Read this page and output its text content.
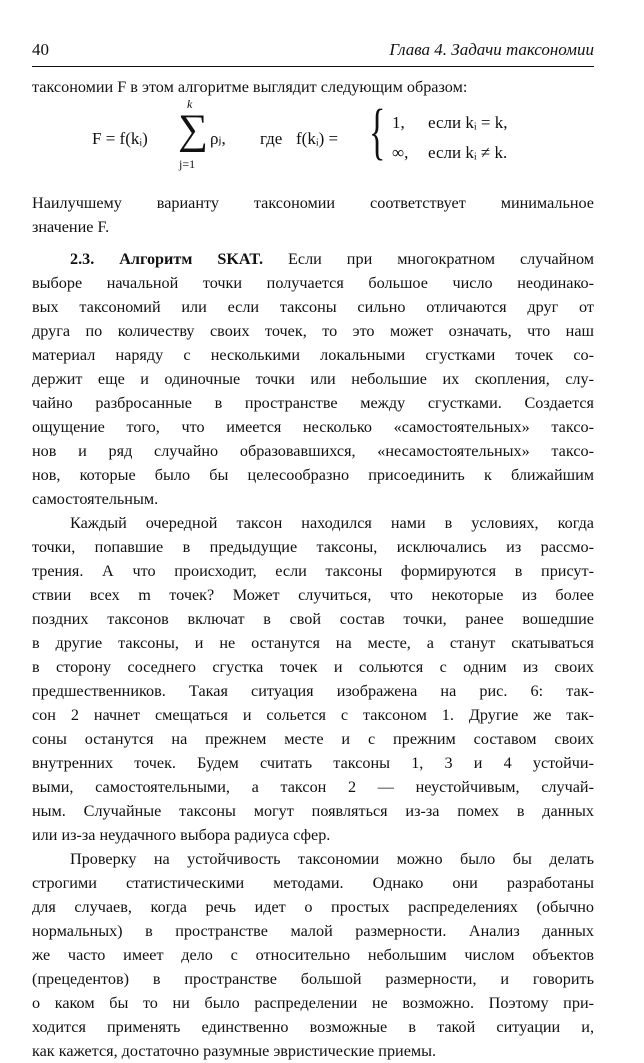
40	Глава 4. Задачи таксономии
таксономии F в этом алгоритме выглядит следующим образом:
F = f(kᵢ)
k
∑
j=1
ρⱼ, где f(kᵢ) = { 1, если kᵢ = k,
∞, если kᵢ ≠ k.
Наилучшему варианту таксономии соответствует минимальное
значение F.
2.3. Алгоритм SKAT. Если при многократном случайном
выборе начальной точки получается большое число неодинако-
вых таксономий или если таксоны сильно отличаются друг от
друга по количеству своих точек, то это может означать, что наш
материал наряду с несколькими локальными сгустками точек со-
держит еще и одиночные точки или небольшие их скопления, слу-
чайно разбросанные в пространстве между сгустками. Создается
ощущение того, что имеется несколько «самостоятельных» таксо-
нов и ряд случайно образовавшихся, «несамостоятельных» таксо-
нов, которые было бы целесообразно присоединить к ближайшим
самостоятельным.
Каждый очередной таксон находился нами в условиях, когда
точки, попавшие в предыдущие таксоны, исключались из рассмо-
трения. А что происходит, если таксоны формируются в присут-
ствии всех m точек? Может случиться, что некоторые из более
поздних таксонов включат в свой состав точки, ранее вошедшие
в другие таксоны, и не останутся на месте, а станут скатываться
в сторону соседнего сгустка точек и сольются с одним из своих
предшественников. Такая ситуация изображена на рис. 6: так-
сон 2 начнет смещаться и сольется с таксоном 1. Другие же так-
соны останутся на прежнем месте и с прежним составом своих
внутренних точек. Будем считать таксоны 1, 3 и 4 устойчи-
выми, самостоятельными, а таксон 2 — неустойчивым, случай-
ным. Случайные таксоны могут появляться из-за помех в данных
или из-за неудачного выбора радиуса сфер.
Проверку на устойчивость таксономии можно было бы делать
строгими статистическими методами. Однако они разработаны
для случаев, когда речь идет о простых распределениях (обычно
нормальных) в пространстве малой размерности. Анализ данных
же часто имеет дело с относительно небольшим числом объектов
(прецедентов) в пространстве большой размерности, и говорить
о каком бы то ни было распределении не возможно. Поэтому при-
ходится применять единственно возможные в такой ситуации и,
как кажется, достаточно разумные эвристические приемы.
